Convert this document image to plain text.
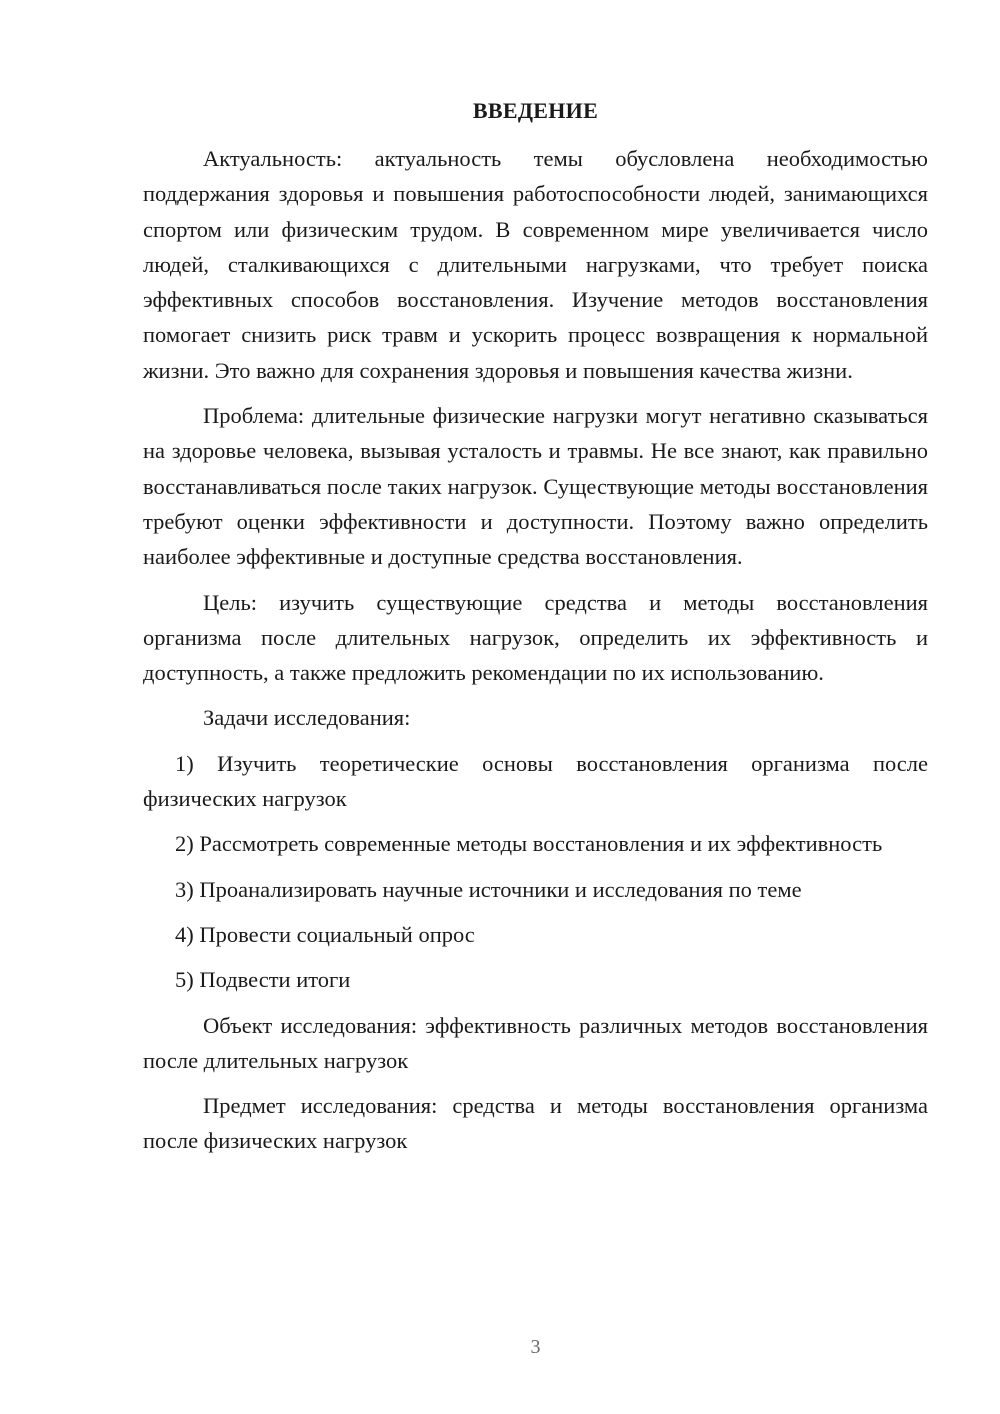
ВВЕДЕНИЕ

Актуальность: актуальность темы обусловлена необходимостью поддержания здоровья и повышения работоспособности людей, занимающихся спортом или физическим трудом. В современном мире увеличивается число людей, сталкивающихся с длительными нагрузками, что требует поиска эффективных способов восстановления. Изучение методов восстановления помогает снизить риск травм и ускорить процесс возвращения к нормальной жизни. Это важно для сохранения здоровья и повышения качества жизни.

Проблема: длительные физические нагрузки могут негативно сказываться на здоровье человека, вызывая усталость и травмы. Не все знают, как правильно восстанавливаться после таких нагрузок. Существующие методы восстановления требуют оценки эффективности и доступности. Поэтому важно определить наиболее эффективные и доступные средства восстановления.

Цель: изучить существующие средства и методы восстановления организма после длительных нагрузок, определить их эффективность и доступность, а также предложить рекомендации по их использованию.

Задачи исследования:

1) Изучить теоретические основы восстановления организма после физических нагрузок

2) Рассмотреть современные методы восстановления и их эффективность

3) Проанализировать научные источники и исследования по теме

4) Провести социальный опрос

5) Подвести итоги

Объект исследования: эффективность различных методов восстановления после длительных нагрузок

Предмет исследования: средства и методы восстановления организма после физических нагрузок

3
